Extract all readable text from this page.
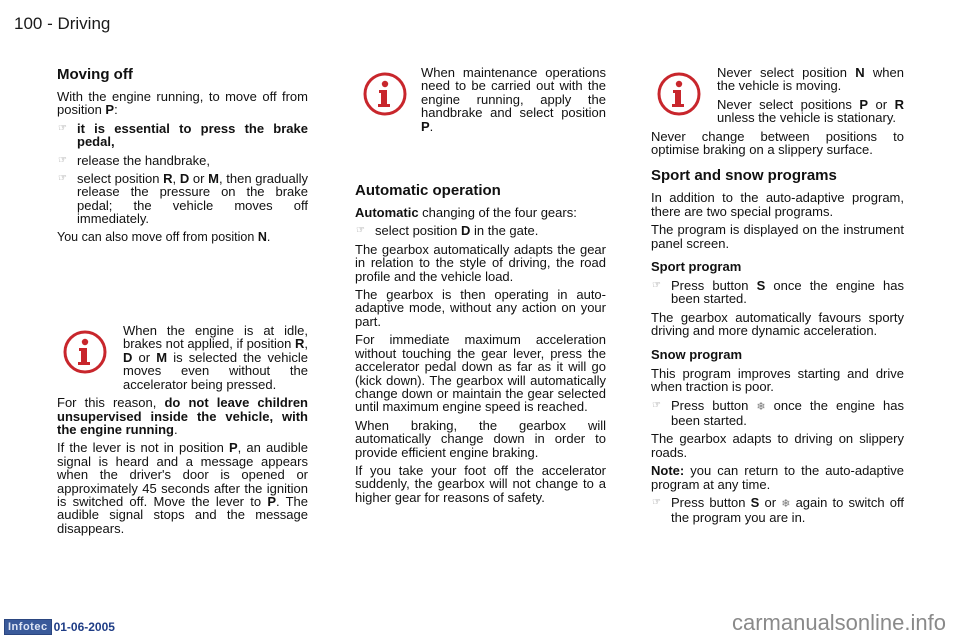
100 - Driving
Moving off

With the engine running, to move off from position P:

☞ it is essential to press the brake pedal,
☞ release the handbrake,
☞ select position R, D or M, then gradually release the pressure on the brake pedal; the vehicle moves off immediately.

You can also move off from position N.

When the engine is at idle, brakes not applied, if position R, D or M is selected the vehicle moves even without the accelerator being pressed.

For this reason, do not leave children unsupervised inside the vehicle, with the engine running.

If the lever is not in position P, an audible signal is heard and a message appears when the driver's door is opened or approximately 45 seconds after the ignition is switched off. Move the lever to P. The audible signal stops and the message disappears.

When maintenance operations need to be carried out with the engine running, apply the handbrake and select position P.

Automatic operation

Automatic changing of the four gears:

☞ select position D in the gate.

The gearbox automatically adapts the gear in relation to the style of driving, the road profile and the vehicle load.

The gearbox is then operating in auto-adaptive mode, without any action on your part.

For immediate maximum acceleration without touching the gear lever, press the accelerator pedal down as far as it will go (kick down). The gearbox will automatically change down or maintain the gear selected until maximum engine speed is reached.

When braking, the gearbox will automatically change down in order to provide efficient engine braking.

If you take your foot off the accelerator suddenly, the gearbox will not change to a higher gear for reasons of safety.

Never select position N when the vehicle is moving.

Never select positions P or R unless the vehicle is stationary.

Never change between positions to optimise braking on a slippery surface.

Sport and snow programs

In addition to the auto-adaptive program, there are two special programs.

The program is displayed on the instrument panel screen.

Sport program
☞ Press button S once the engine has been started.

The gearbox automatically favours sporty driving and more dynamic acceleration.

Snow program

This program improves starting and drive when traction is poor.

☞ Press button ❄ once the engine has been started.

The gearbox adapts to driving on slippery roads.

Note: you can return to the auto-adaptive program at any time.

☞ Press button S or ❄ again to switch off the program you are in.
Infotec 01-06-2005	carmanualsonline.info
